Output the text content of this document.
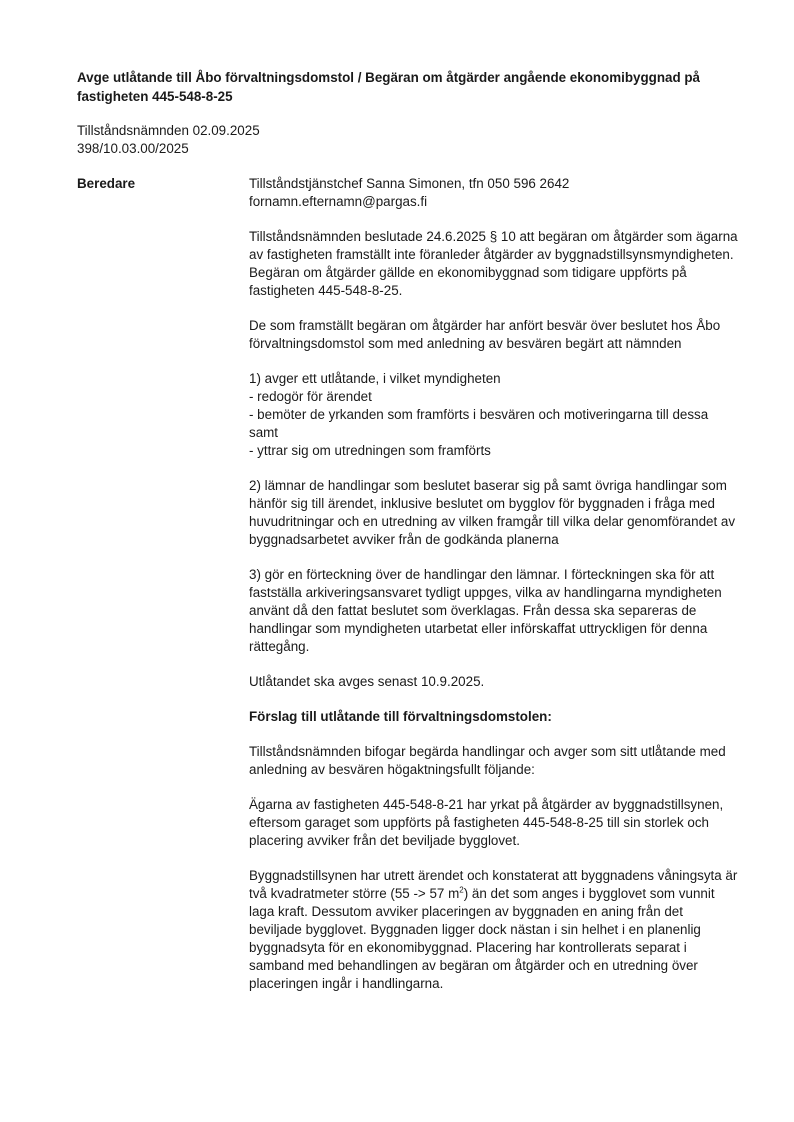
Avge utlåtande till Åbo förvaltningsdomstol / Begäran om åtgärder angående ekonomibyggnad på fastigheten 445-548-8-25
Tillståndsnämnden 02.09.2025
398/10.03.00/2025
Beredare	Tillståndstjänstchef Sanna Simonen, tfn 050 596 2642
fornamn.efternamn@pargas.fi

Tillståndsnämnden beslutade 24.6.2025 § 10 att begäran om åtgärder som ägarna av fastigheten framställt inte föranleder åtgärder av byggnadstillsynsmyndigheten. Begäran om åtgärder gällde en ekonomibyggnad som tidigare uppförts på fastigheten 445-548-8-25.

De som framställt begäran om åtgärder har anfört besvär över beslutet hos Åbo förvaltningsdomstol som med anledning av besvären begärt att nämnden

1) avger ett utlåtande, i vilket myndigheten
- redogör för ärendet
- bemöter de yrkanden som framförts i besvären och motiveringarna till dessa samt
- yttrar sig om utredningen som framförts

2) lämnar de handlingar som beslutet baserar sig på samt övriga handlingar som hänför sig till ärendet, inklusive beslutet om bygglov för byggnaden i fråga med huvudritningar och en utredning av vilken framgår till vilka delar genomförandet av byggnadsarbetet avviker från de godkända planerna

3) gör en förteckning över de handlingar den lämnar. I förteckningen ska för att fastställa arkiveringsansvaret tydligt uppges, vilka av handlingarna myndigheten använt då den fattat beslutet som överklagas. Från dessa ska separeras de handlingar som myndigheten utarbetat eller införskaffat uttryckligen för denna rättegång.

Utlåtandet ska avges senast 10.9.2025.

Förslag till utlåtande till förvaltningsdomstolen:

Tillståndsnämnden bifogar begärda handlingar och avger som sitt utlåtande med anledning av besvären högaktningsfullt följande:

Ägarna av fastigheten 445-548-8-21 har yrkat på åtgärder av byggnadstillsynen, eftersom garaget som uppförts på fastigheten 445-548-8-25 till sin storlek och placering avviker från det beviljade bygglovet.

Byggnadstillsynen har utrett ärendet och konstaterat att byggnadens våningsyta är två kvadratmeter större (55 -> 57 $m^2$) än det som anges i bygglovet som vunnit laga kraft. Dessutom avviker placeringen av byggnaden en aning från det beviljade bygglovet. Byggnaden ligger dock nästan i sin helhet i en planenlig byggnadsyta för en ekonomibyggnad. Placering har kontrollerats separat i samband med behandlingen av begäran om åtgärder och en utredning över placeringen ingår i handlingarna.
